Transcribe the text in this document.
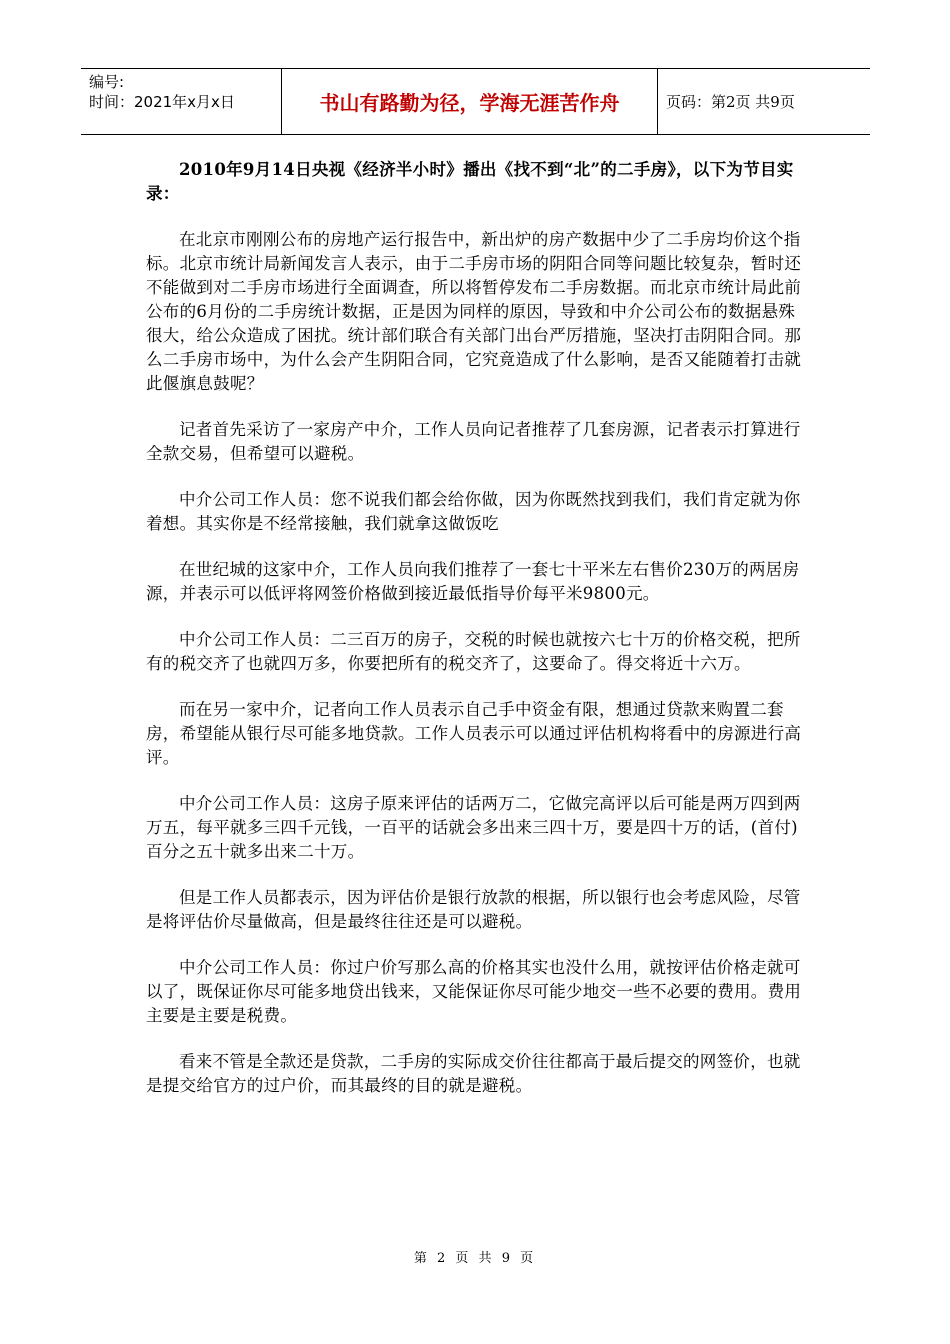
编号:
时间：2021年x月x日	书山有路勤为径，学海无涯苦作舟	页码：第2页 共9页

2010年9月14日央视《经济半小时》播出《找不到“北”的二手房》，以下为节目实录：

在北京市刚刚公布的房地产运行报告中，新出炉的房产数据中少了二手房均价这个指标。北京市统计局新闻发言人表示，由于二手房市场的阴阳合同等问题比较复杂，暂时还不能做到对二手房市场进行全面调查，所以将暂停发布二手房数据。而北京市统计局此前公布的6月份的二手房统计数据，正是因为同样的原因，导致和中介公司公布的数据悬殊很大，给公众造成了困扰。统计部们联合有关部门出台严厉措施，坚决打击阴阳合同。那么二手房市场中，为什么会产生阴阳合同，它究竟造成了什么影响，是否又能随着打击就此偃旗息鼓呢？

记者首先采访了一家房产中介，工作人员向记者推荐了几套房源，记者表示打算进行全款交易，但希望可以避税。

中介公司工作人员：您不说我们都会给你做，因为你既然找到我们，我们肯定就为你着想。其实你是不经常接触，我们就拿这做饭吃

在世纪城的这家中介，工作人员向我们推荐了一套七十平米左右售价230万的两居房源，并表示可以低评将网签价格做到接近最低指导价每平米9800元。

中介公司工作人员：二三百万的房子，交税的时候也就按六七十万的价格交税，把所有的税交齐了也就四万多，你要把所有的税交齐了，这要命了。得交将近十六万。

而在另一家中介，记者向工作人员表示自己手中资金有限，想通过贷款来购置二套房，希望能从银行尽可能多地贷款。工作人员表示可以通过评估机构将看中的房源进行高评。

中介公司工作人员：这房子原来评估的话两万二，它做完高评以后可能是两万四到两万五，每平就多三四千元钱，一百平的话就会多出来三四十万，要是四十万的话，(首付)百分之五十就多出来二十万。

但是工作人员都表示，因为评估价是银行放款的根据，所以银行也会考虑风险，尽管是将评估价尽量做高，但是最终往往还是可以避税。

中介公司工作人员：你过户价写那么高的价格其实也没什么用，就按评估价格走就可以了，既保证你尽可能多地贷出钱来，又能保证你尽可能少地交一些不必要的费用。费用主要是主要是税费。

看来不管是全款还是贷款，二手房的实际成交价往往都高于最后提交的网签价，也就是提交给官方的过户价，而其最终的目的就是避税。

第 2 页 共 9 页
